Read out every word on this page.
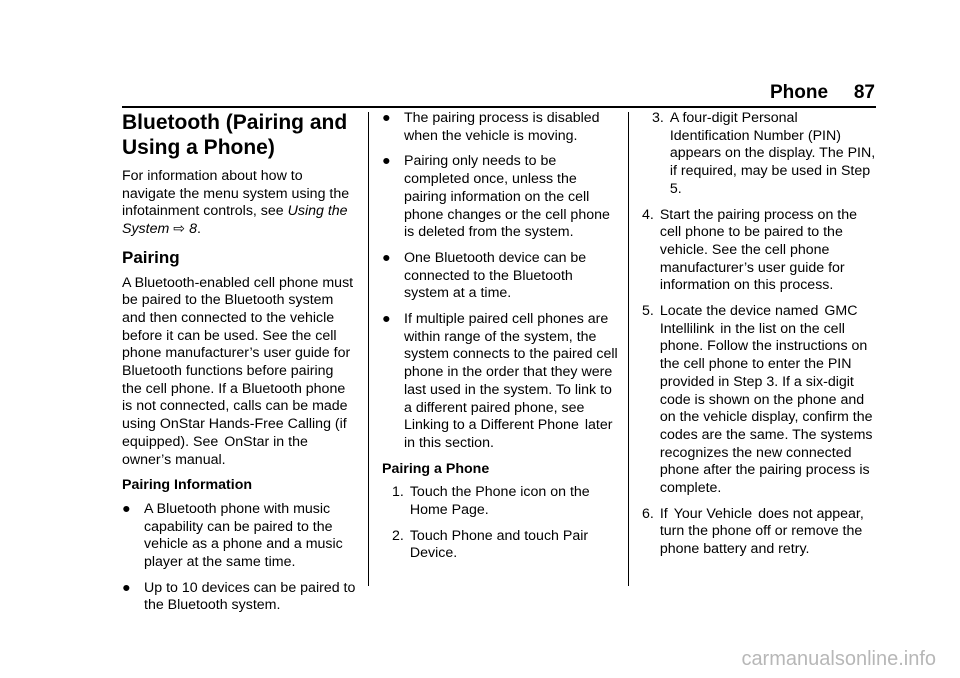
Phone 87
Bluetooth (Pairing and
Using a Phone)

For information about how to navigate the menu system using the infotainment controls, see Using the System ⇨ 8.

Pairing

A Bluetooth-enabled cell phone must be paired to the Bluetooth system and then connected to the vehicle before it can be used. See the cell phone manufacturer’s user guide for Bluetooth functions before pairing the cell phone. If a Bluetooth phone is not connected, calls can be made using OnStar Hands-Free Calling (if equipped). See OnStar in the owner’s manual.

Pairing Information
● A Bluetooth phone with music capability can be paired to the vehicle as a phone and a music player at the same time.
● Up to 10 devices can be paired to the Bluetooth system.
● The pairing process is disabled when the vehicle is moving.
● Pairing only needs to be completed once, unless the pairing information on the cell phone changes or the cell phone is deleted from the system.
● One Bluetooth device can be connected to the Bluetooth system at a time.
● If multiple paired cell phones are within range of the system, the system connects to the paired cell phone in the order that they were last used in the system. To link to a different paired phone, seeLinking to a Different Phone later in this section.
Pairing a Phone
1. Touch the Phone icon on the Home Page.
2. Touch Phone and touch Pair Device.
3. A four-digit Personal Identification Number (PIN) appears on the display. The PIN, if required, may be used in Step 5.
4. Start the pairing process on the cell phone to be paired to the vehicle. See the cell phone manufacturer’s user guide for information on this process.
5. Locate the device named GMC Intellilink in the list on the cell phone. Follow the instructions on the cell phone to enter the PIN provided in Step 3. If a six-digit code is shown on the phone and on the vehicle display, confirm the codes are the same. The systems recognizes the new connected phone after the pairing process is complete.
6. If Your Vehicle does not appear, turn the phone off or remove the phone battery and retry.
carmanualsonline.info
